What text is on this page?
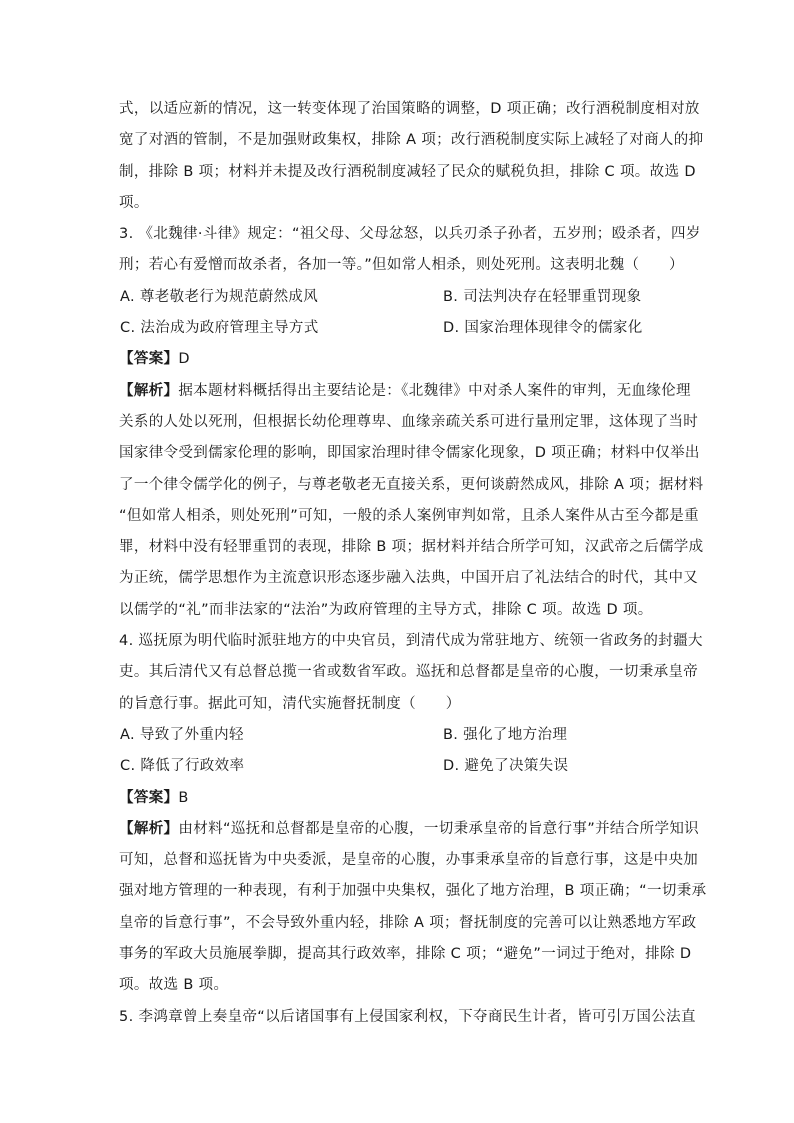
式，以适应新的情况，这一转变体现了治国策略的调整，D 项正确；改行酒税制度相对放
宽了对酒的管制，不是加强财政集权，排除 A 项；改行酒税制度实际上减轻了对商人的抑
制，排除 B 项；材料并未提及改行酒税制度减轻了民众的赋税负担，排除 C 项。故选 D
项。
3. 《北魏律·斗律》规定：“祖父母、父母忿怒，以兵刃杀子孙者，五岁刑；殴杀者，四岁
刑；若心有爱憎而故杀者，各加一等。”但如常人相杀，则处死刑。这表明北魏（　　）
A. 尊老敬老行为规范蔚然成风	B. 司法判决存在轻罪重罚现象
C. 法治成为政府管理主导方式	D. 国家治理体现律令的儒家化
【答案】D
【解析】据本题材料概括得出主要结论是：《北魏律》中对杀人案件的审判，无血缘伦理
关系的人处以死刑，但根据长幼伦理尊卑、血缘亲疏关系可进行量刑定罪，这体现了当时
国家律令受到儒家伦理的影响，即国家治理时律令儒家化现象，D 项正确；材料中仅举出
了一个律令儒学化的例子，与尊老敬老无直接关系，更何谈蔚然成风，排除 A 项；据材料
“但如常人相杀，则处死刑”可知，一般的杀人案例审判如常，且杀人案件从古至今都是重
罪，材料中没有轻罪重罚的表现，排除 B 项；据材料并结合所学可知，汉武帝之后儒学成
为正统，儒学思想作为主流意识形态逐步融入法典，中国开启了礼法结合的时代，其中又
以儒学的“礼”而非法家的“法治”为政府管理的主导方式，排除 C 项。故选 D 项。
4. 巡抚原为明代临时派驻地方的中央官员，到清代成为常驻地方、统领一省政务的封疆大
吏。其后清代又有总督总揽一省或数省军政。巡抚和总督都是皇帝的心腹，一切秉承皇帝
的旨意行事。据此可知，清代实施督抚制度（　　）
A. 导致了外重内轻	B. 强化了地方治理
C. 降低了行政效率	D. 避免了决策失误
【答案】B
【解析】由材料“巡抚和总督都是皇帝的心腹，一切秉承皇帝的旨意行事”并结合所学知识
可知，总督和巡抚皆为中央委派，是皇帝的心腹，办事秉承皇帝的旨意行事，这是中央加
强对地方管理的一种表现，有利于加强中央集权，强化了地方治理，B 项正确；“一切秉承
皇帝的旨意行事”，不会导致外重内轻，排除 A 项；督抚制度的完善可以让熟悉地方军政
事务的军政大员施展拳脚，提高其行政效率，排除 C 项；“避免”一词过于绝对，排除 D
项。故选 B 项。
5. 李鸿章曾上奏皇帝“以后诸国事有上侵国家利权，下夺商民生计者，皆可引万国公法直
